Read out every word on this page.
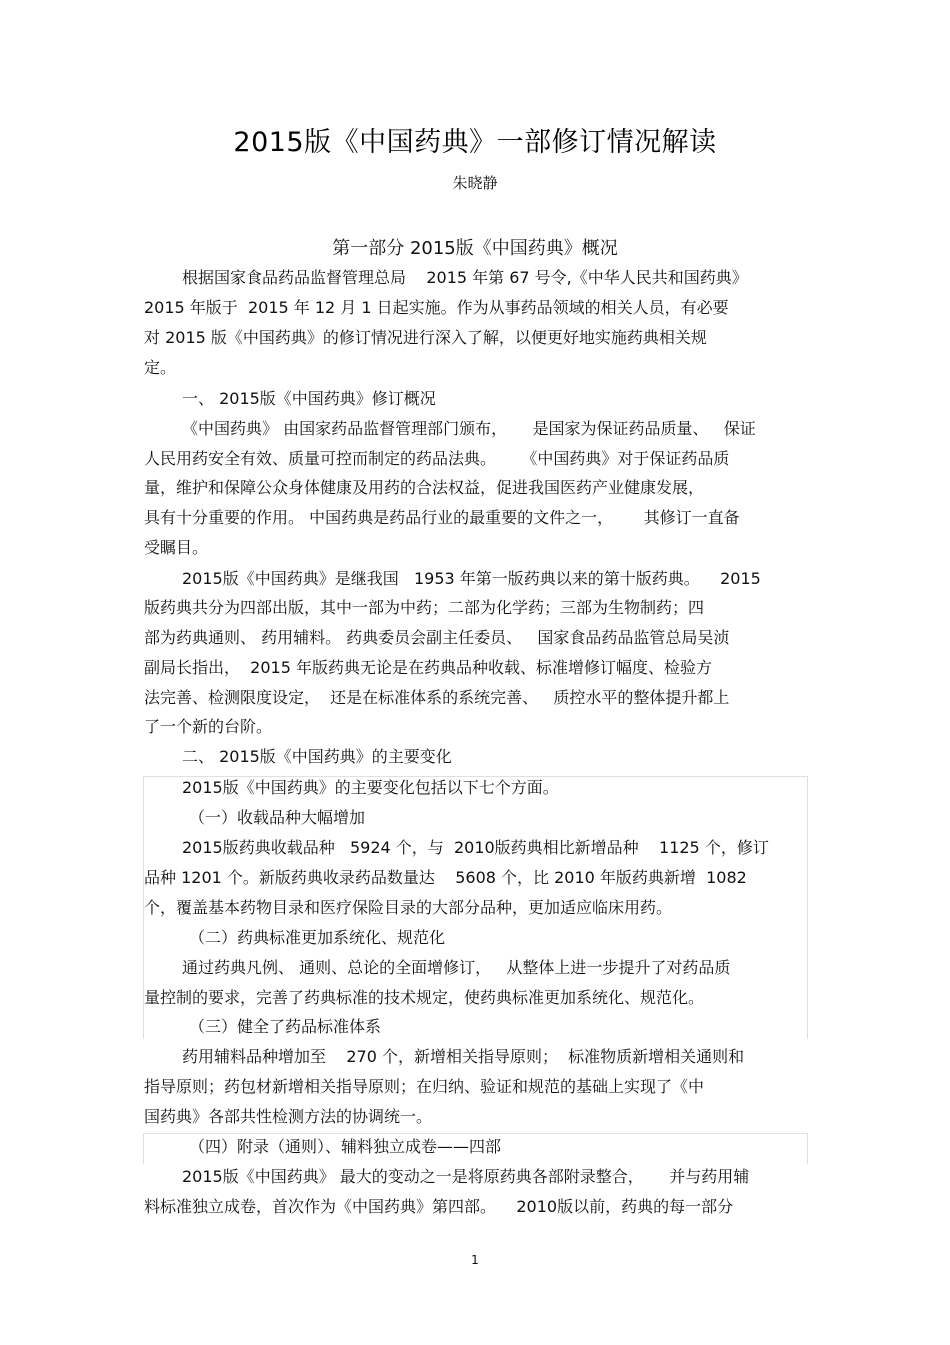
2015版《中国药典》一部修订情况解读
朱晓静
第一部分 2015版《中国药典》概况
根据国家食品药品监督管理总局    2015 年第 67 号令,《中华人民共和国药典》
2015 年版于  2015 年 12 月 1 日起实施。作为从事药品领域的相关人员，有必要
对 2015 版《中国药典》的修订情况进行深入了解，以便更好地实施药典相关规
定。
一、 2015版《中国药典》修订概况
《中国药典》 由国家药品监督管理部门颁布，     是国家为保证药品质量、   保证
人民用药安全有效、质量可控而制定的药品法典。     《中国药典》对于保证药品质
量，维护和保障公众身体健康及用药的合法权益，促进我国医药产业健康发展，
具有十分重要的作用。 中国药典是药品行业的最重要的文件之一，      其修订一直备
受瞩目。
2015版《中国药典》是继我国   1953 年第一版药典以来的第十版药典。    2015
版药典共分为四部出版，其中一部为中药；二部为化学药；三部为生物制药；四
部为药典通则、 药用辅料。 药典委员会副主任委员、   国家食品药品监管总局吴浈
副局长指出，  2015 年版药典无论是在药典品种收载、标准增修订幅度、检验方
法完善、检测限度设定，  还是在标准体系的系统完善、   质控水平的整体提升都上
了一个新的台阶。
二、 2015版《中国药典》的主要变化
2015版《中国药典》的主要变化包括以下七个方面。
（一）收载品种大幅增加
2015版药典收载品种   5924 个，与  2010版药典相比新增品种    1125 个，修订
品种 1201 个。新版药典收录药品数量达    5608 个，比 2010 年版药典新增  1082
个，覆盖基本药物目录和医疗保险目录的大部分品种，更加适应临床用药。
（二）药典标准更加系统化、规范化
通过药典凡例、 通则、总论的全面增修订，   从整体上进一步提升了对药品质
量控制的要求，完善了药典标准的技术规定，使药典标准更加系统化、规范化。
（三）健全了药品标准体系
药用辅料品种增加至    270 个，新增相关指导原则；  标准物质新增相关通则和
指导原则；药包材新增相关指导原则；在归纳、验证和规范的基础上实现了《中
国药典》各部共性检测方法的协调统一。
（四）附录（通则）、辅料独立成卷——四部
2015版《中国药典》 最大的变动之一是将原药典各部附录整合，     并与药用辅
料标准独立成卷，首次作为《中国药典》第四部。    2010版以前，药典的每一部分
1
